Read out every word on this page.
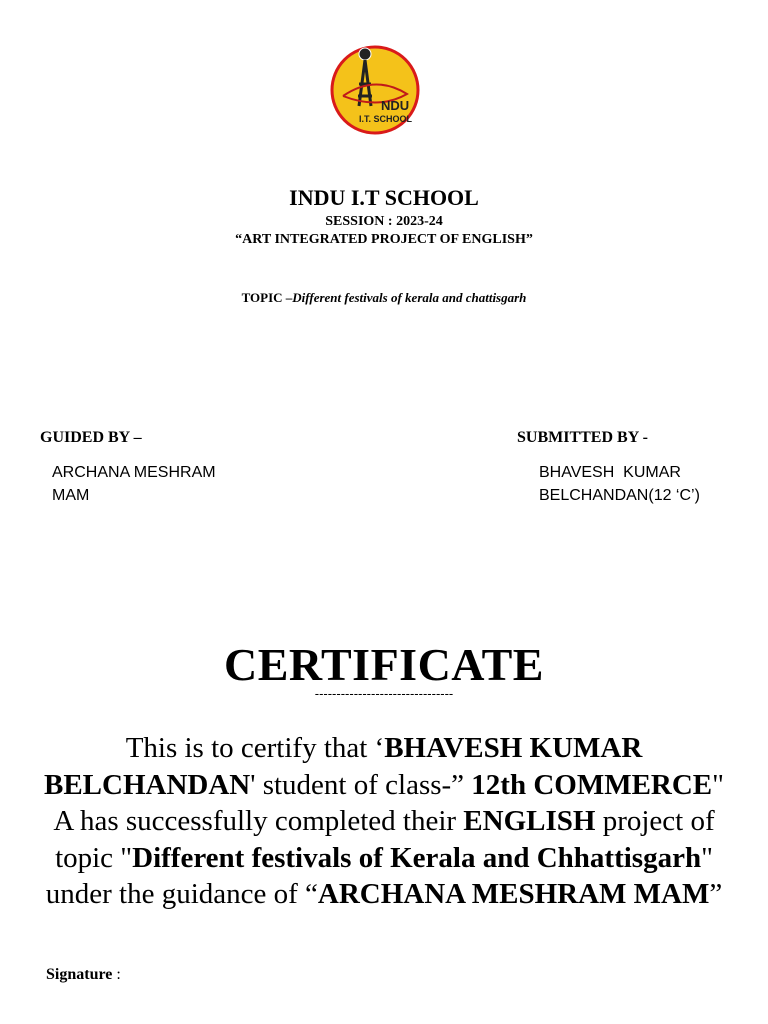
NDU
I.T. SCHOOL
INDU I.T SCHOOL
SESSION : 2023-24
“ART INTEGRATED PROJECT OF ENGLISH”
TOPIC –Different festivals of kerala and chattisgarh
GUIDED BY –	SUBMITTED BY -
ARCHANA MESHRAM
MAM
BHAVESH  KUMAR
BELCHANDAN(12 ‘C’)
CERTIFICATE
--------------------------------
This is to certify that ‘BHAVESH KUMAR BELCHANDAN' student of class-” 12th COMMERCE" A has successfully completed their ENGLISH project of topic "Different festivals of Kerala and Chhattisgarh" under the guidance of “ARCHANA MESHRAM MAM”
Signature :
